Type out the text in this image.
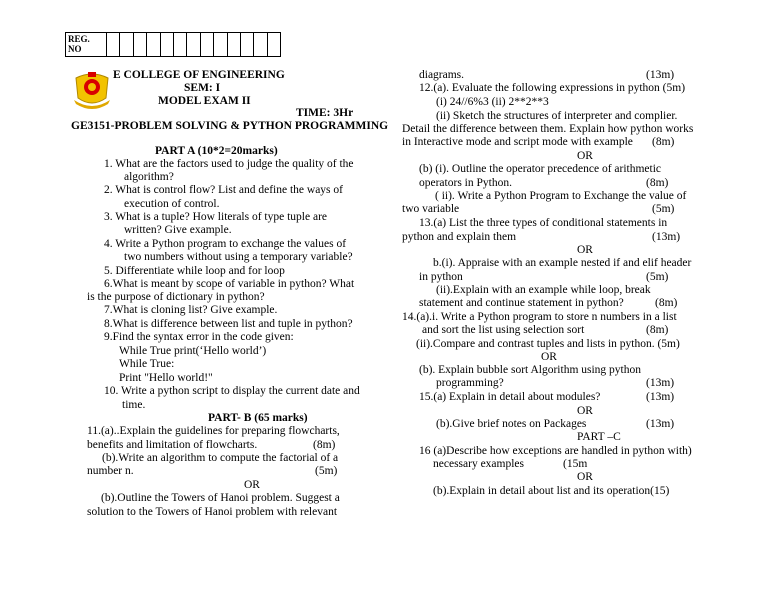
REG.
NO
E COLLEGE OF ENGINEERING
SEM: I
MODEL EXAM II
TIME: 3Hr
GE3151-PROBLEM SOLVING & PYTHON PROGRAMMING
PART A (10*2=20marks)
1. What are the factors used to judge the quality of the
algorithm?
2. What is control flow? List and define the ways of
execution of control.
3. What is a tuple? How literals of type tuple are
written? Give example.
4. Write a Python program to exchange the values of
two numbers without using a temporary variable?
5. Differentiate while loop and for loop
6.What is meant by scope of variable in python? What
is the purpose of dictionary in python?
7.What is cloning list? Give example.
8.What is difference between list and tuple in python?
9.Find the syntax error in the code given:
While True print(‘Hello world’)
While True:
Print "Hello world!"
10. Write a python script to display the current date and
time.
PART- B (65 marks)
11.(a)..Explain the guidelines for preparing flowcharts,
benefits and limitation of flowcharts.	(8m)
(b).Write an algorithm to compute the factorial of a
number n.	(5m)
OR
(b).Outline the Towers of Hanoi problem. Suggest a
solution to the Towers of Hanoi problem with relevant
diagrams.	(13m)
12.(a). Evaluate the following expressions in python (5m)
(i) 24//6%3 (ii) 2**2**3
(ii) Sketch the structures of interpreter and complier.
Detail the difference between them. Explain how python works
in Interactive mode and script mode with example (8m)
OR
(b) (i). Outline the operator precedence of arithmetic
operators in Python.	(8m)
( ii). Write a Python Program to Exchange the value of
two variable	(5m)
13.(a) List the three types of conditional statements in
python and explain them	(13m)
OR
b.(i). Appraise with an example nested if and elif header
in python	(5m)
(ii).Explain with an example while loop, break
statement and continue statement in python?	(8m)
14.(a).i. Write a Python program to store n numbers in a list
and sort the list using selection sort	(8m)
(ii).Compare and contrast tuples and lists in python. (5m)
OR
(b). Explain bubble sort Algorithm using python
programming?	(13m)
15.(a) Explain in detail about modules?	(13m)
OR
(b).Give brief notes on Packages	(13m)
PART –C
16 (a)Describe how exceptions are handled in python with)
necessary examples	(15m
OR
(b).Explain in detail about list and its operation(15)
